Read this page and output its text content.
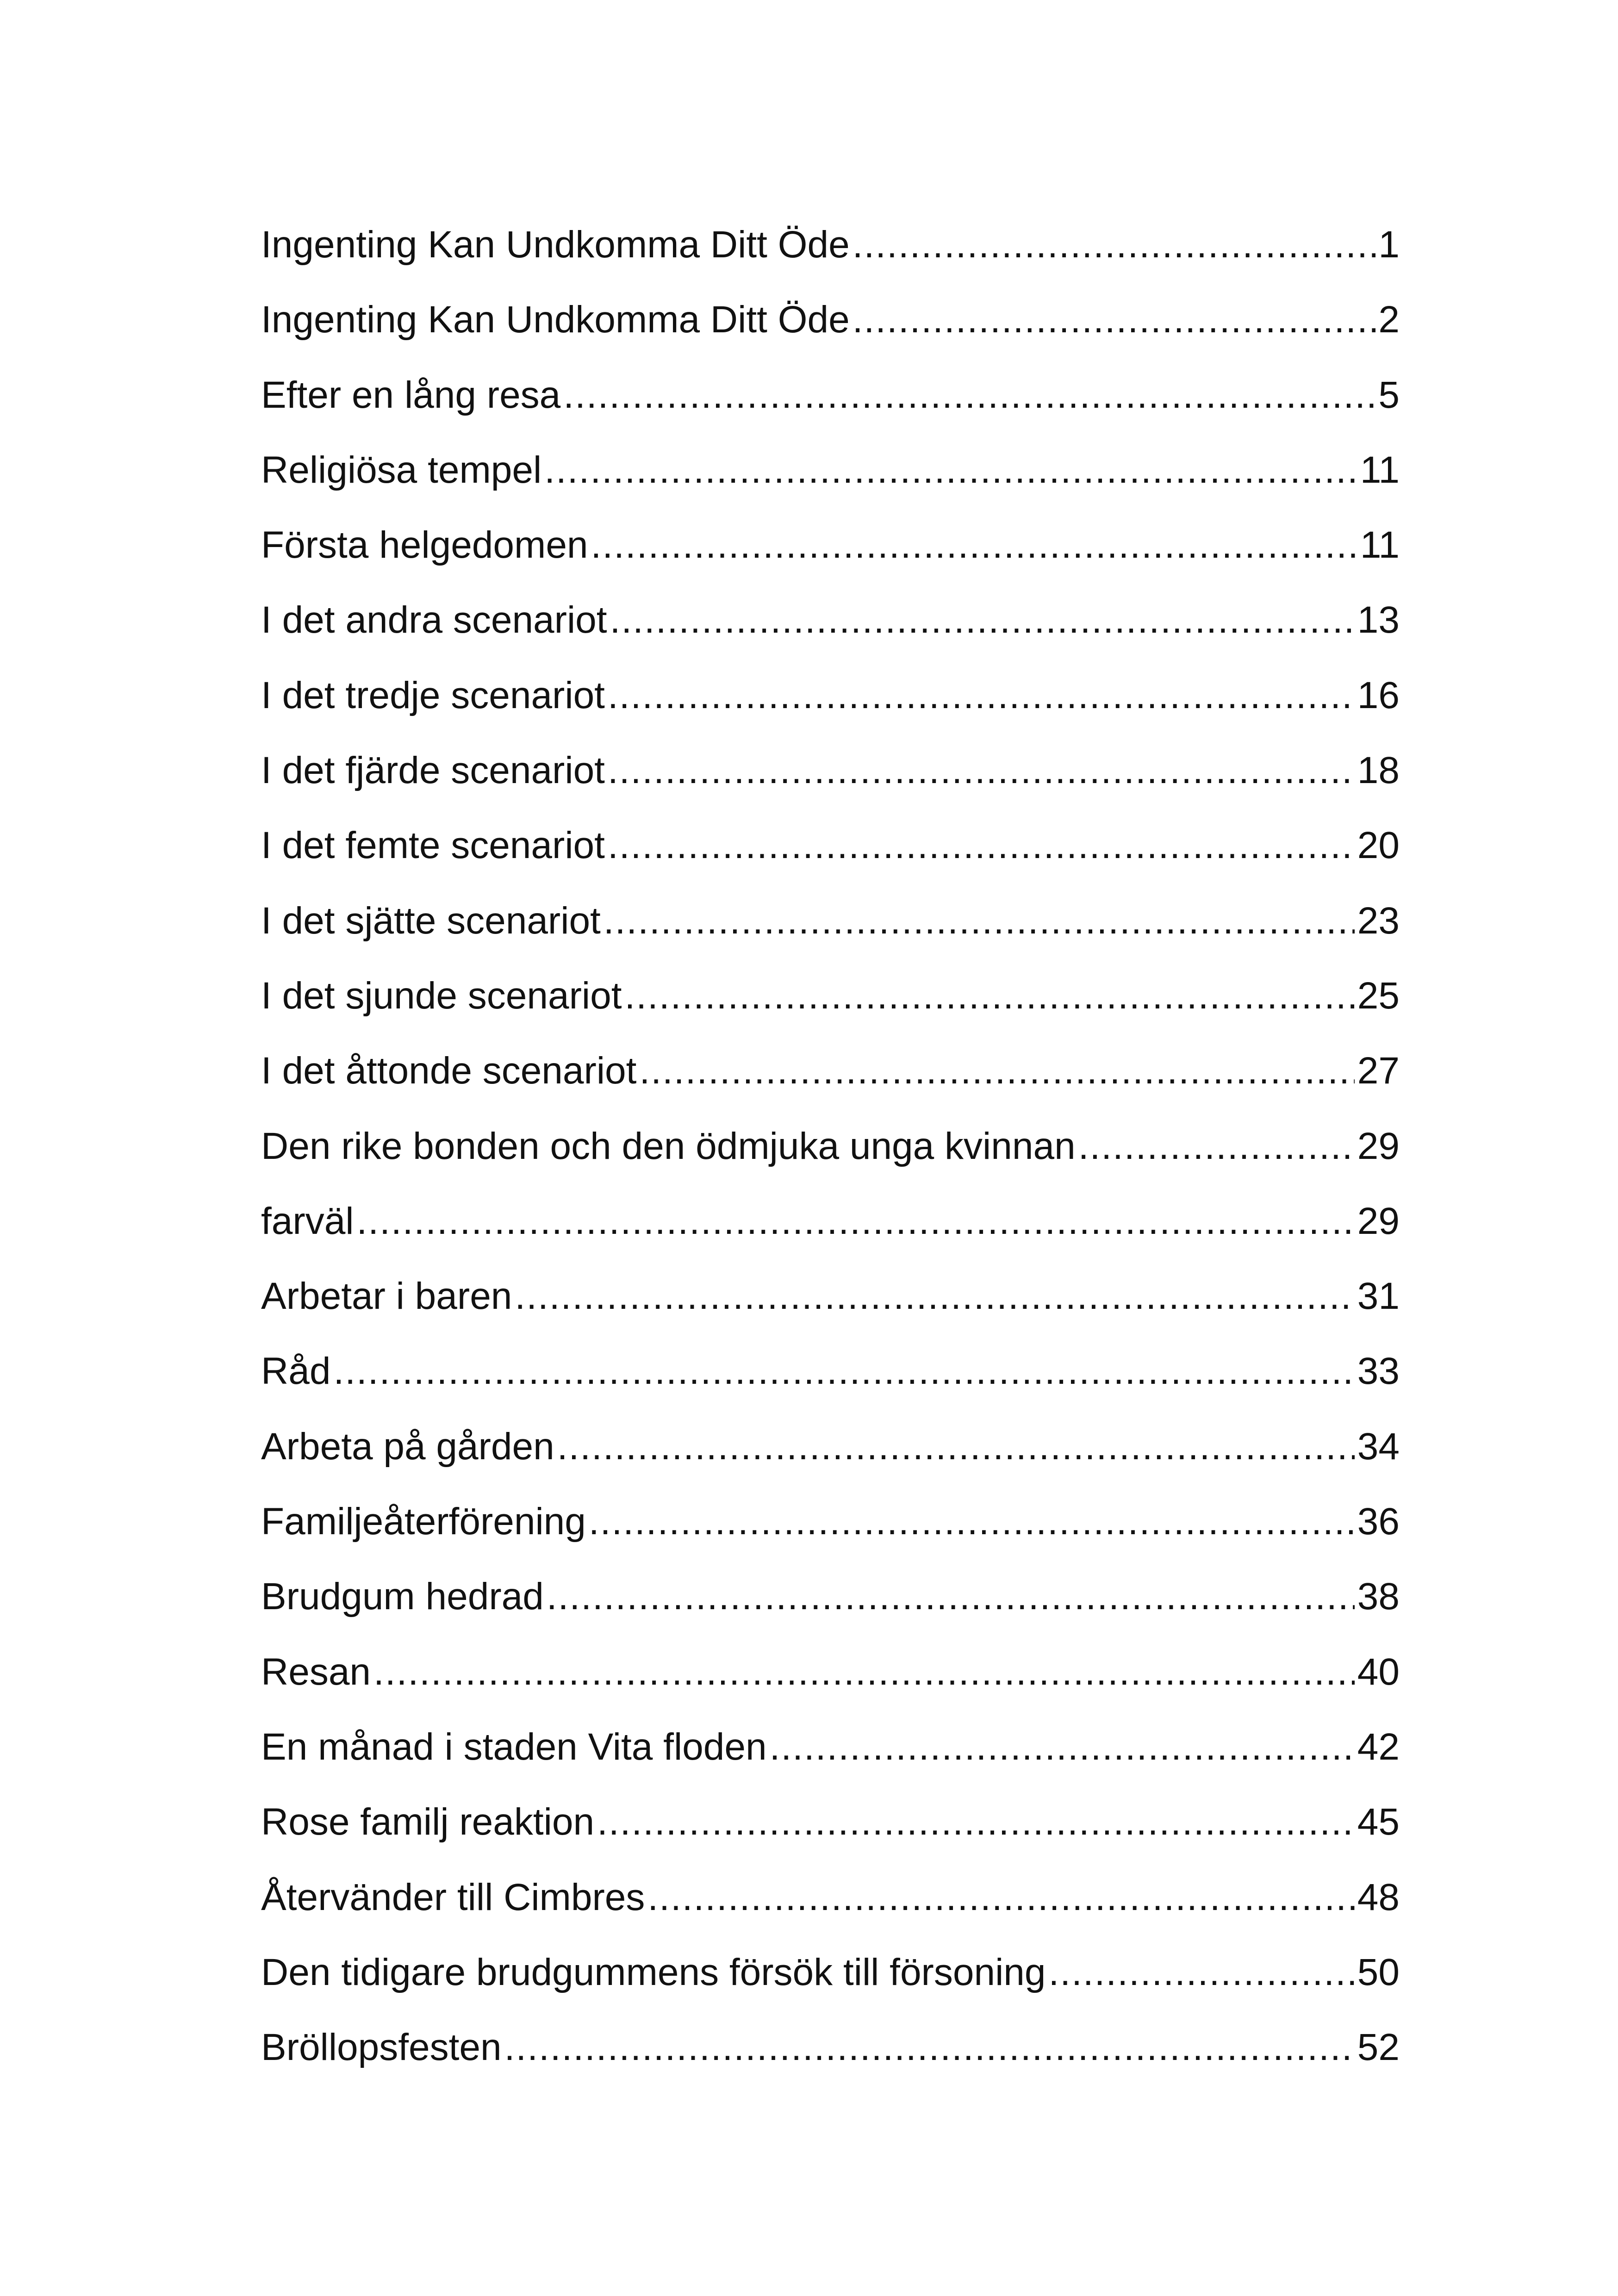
Ingenting Kan Undkomma Ditt Öde .....	1
Ingenting Kan Undkomma Ditt Öde .....	2
Efter en lång resa .....	5
Religiösa tempel .....	11
Första helgedomen .....	11
I det andra scenariot .....	13
I det tredje scenariot .....	16
I det fjärde scenariot .....	18
I det femte scenariot .....	20
I det sjätte scenariot .....	23
I det sjunde scenariot .....	25
I det åttonde scenariot .....	27
Den rike bonden och den ödmjuka unga kvinnan .....	29
farväl .....	29
Arbetar i baren .....	31
Råd .....	33
Arbeta på gården .....	34
Familjeåterförening .....	36
Brudgum hedrad .....	38
Resan .....	40
En månad i staden Vita floden .....	42
Rose familj reaktion .....	45
Återvänder till Cimbres .....	48
Den tidigare brudgummens försök till försoning .....	50
Bröllopsfesten .....	52
